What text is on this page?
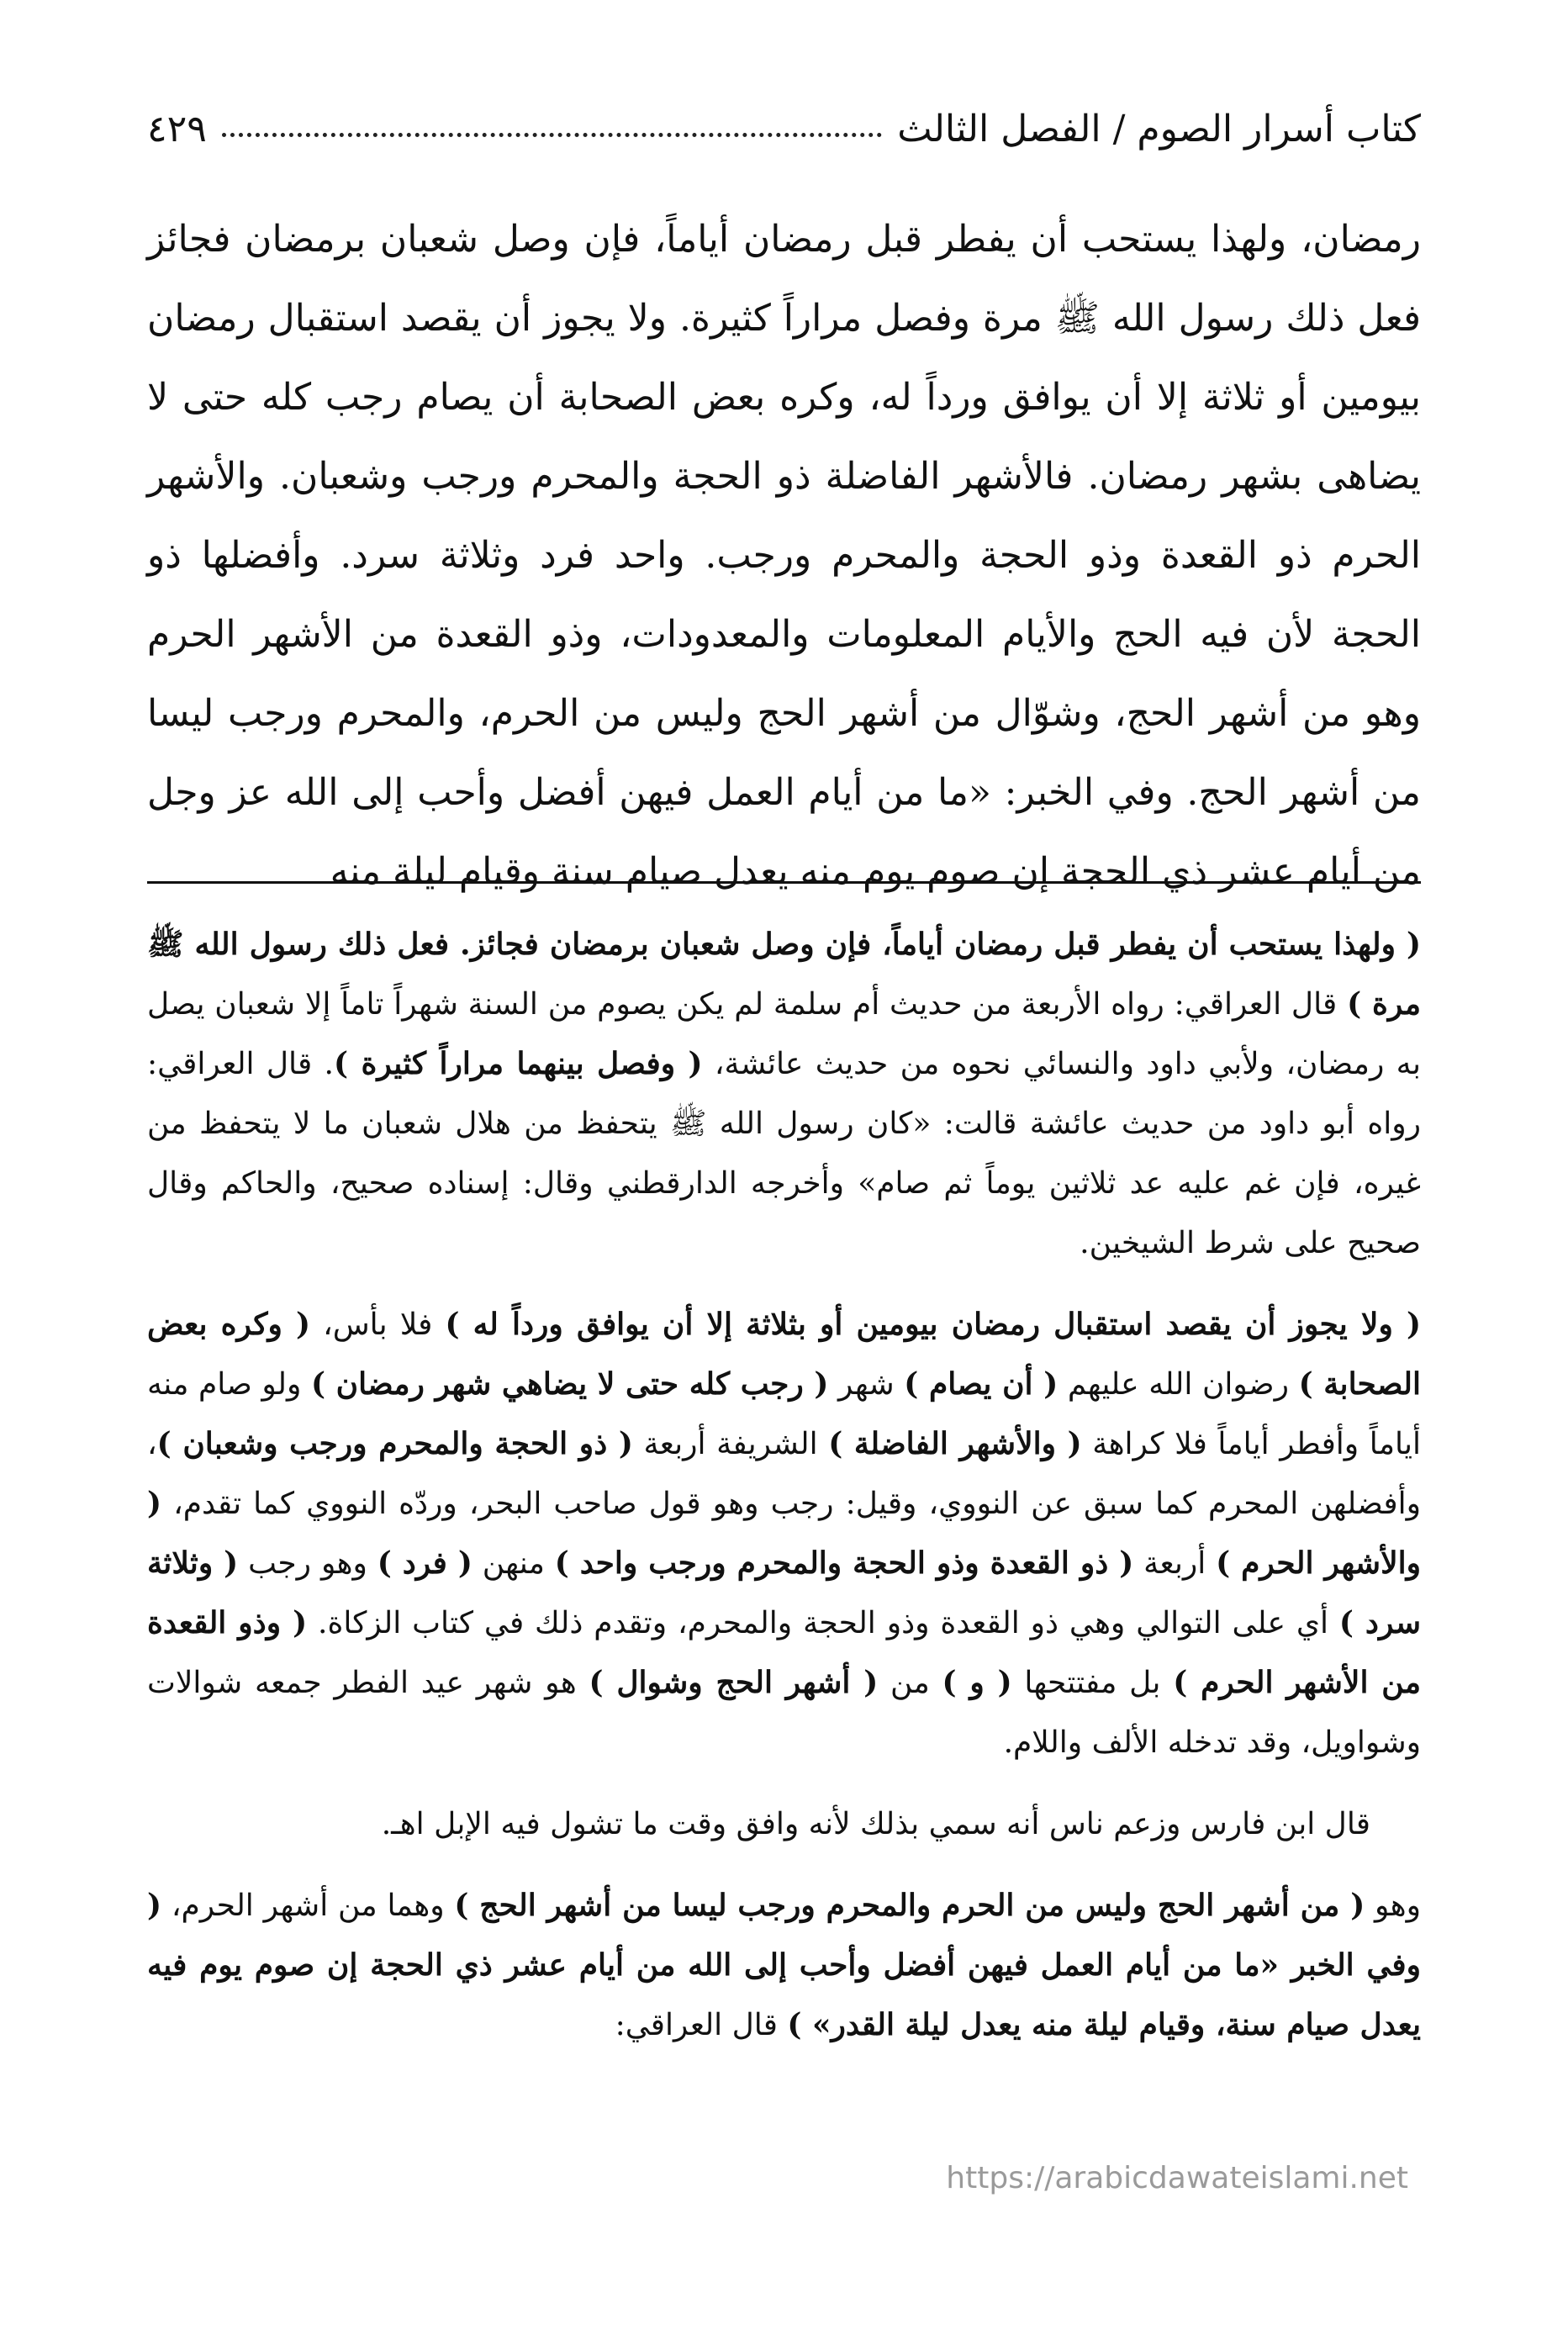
كتاب أسرار الصوم / الفصل الثالث
٤٢٩

رمضان، ولهذا يستحب أن يفطر قبل رمضان أياماً، فإن وصل شعبان برمضان فجائز فعل ذلك رسول الله ﷺ مرة وفصل مراراً كثيرة. ولا يجوز أن يقصد استقبال رمضان بيومين أو ثلاثة إلا أن يوافق ورداً له، وكره بعض الصحابة أن يصام رجب كله حتى لا يضاهى بشهر رمضان. فالأشهر الفاضلة ذو الحجة والمحرم ورجب وشعبان. والأشهر الحرم ذو القعدة وذو الحجة والمحرم ورجب. واحد فرد وثلاثة سرد. وأفضلها ذو الحجة لأن فيه الحج والأيام المعلومات والمعدودات، وذو القعدة من الأشهر الحرم وهو من أشهر الحج، وشوّال من أشهر الحج وليس من الحرم، والمحرم ورجب ليسا من أشهر الحج. وفي الخبر: «ما من أيام العمل فيهن أفضل وأحب إلى الله عز وجل من أيام عشر ذي الحجة إن صوم يوم منه يعدل صيام سنة وقيام ليلة منه

( ولهذا يستحب أن يفطر قبل رمضان أياماً، فإن وصل شعبان برمضان فجائز. فعل ذلك رسول الله ﷺ مرة ) قال العراقي: رواه الأربعة من حديث أم سلمة لم يكن يصوم من السنة شهراً تاماً إلا شعبان يصل به رمضان، ولأبي داود والنسائي نحوه من حديث عائشة، ( وفصل بينهما مراراً كثيرة ). قال العراقي: رواه أبو داود من حديث عائشة قالت: «كان رسول الله ﷺ يتحفظ من هلال شعبان ما لا يتحفظ من غيره، فإن غم عليه عد ثلاثين يوماً ثم صام» وأخرجه الدارقطني وقال: إسناده صحيح، والحاكم وقال صحيح على شرط الشيخين.

( ولا يجوز أن يقصد استقبال رمضان بيومين أو بثلاثة إلا أن يوافق ورداً له ) فلا بأس، ( وكره بعض الصحابة ) رضوان الله عليهم ( أن يصام ) شهر ( رجب كله حتى لا يضاهي شهر رمضان ) ولو صام منه أياماً وأفطر أياماً فلا كراهة ( والأشهر الفاضلة ) الشريفة أربعة ( ذو الحجة والمحرم ورجب وشعبان )، وأفضلهن المحرم كما سبق عن النووي، وقيل: رجب وهو قول صاحب البحر، وردّه النووي كما تقدم، ( والأشهر الحرم ) أربعة ( ذو القعدة وذو الحجة والمحرم ورجب واحد ) منهن ( فرد ) وهو رجب ( وثلاثة سرد ) أي على التوالي وهي ذو القعدة وذو الحجة والمحرم، وتقدم ذلك في كتاب الزكاة. ( وذو القعدة من الأشهر الحرم ) بل مفتتحها ( و ) من ( أشهر الحج وشوال ) هو شهر عيد الفطر جمعه شوالات وشواويل، وقد تدخله الألف واللام.

قال ابن فارس وزعم ناس أنه سمي بذلك لأنه وافق وقت ما تشول فيه الإبل اهـ.

وهو ( من أشهر الحج وليس من الحرم والمحرم ورجب ليسا من أشهر الحج ) وهما من أشهر الحرم، ( وفي الخبر «ما من أيام العمل فيهن أفضل وأحب إلى الله من أيام عشر ذي الحجة إن صوم يوم فيه يعدل صيام سنة، وقيام ليلة منه يعدل ليلة القدر» ) قال العراقي:

https://arabicdawateislami.net
